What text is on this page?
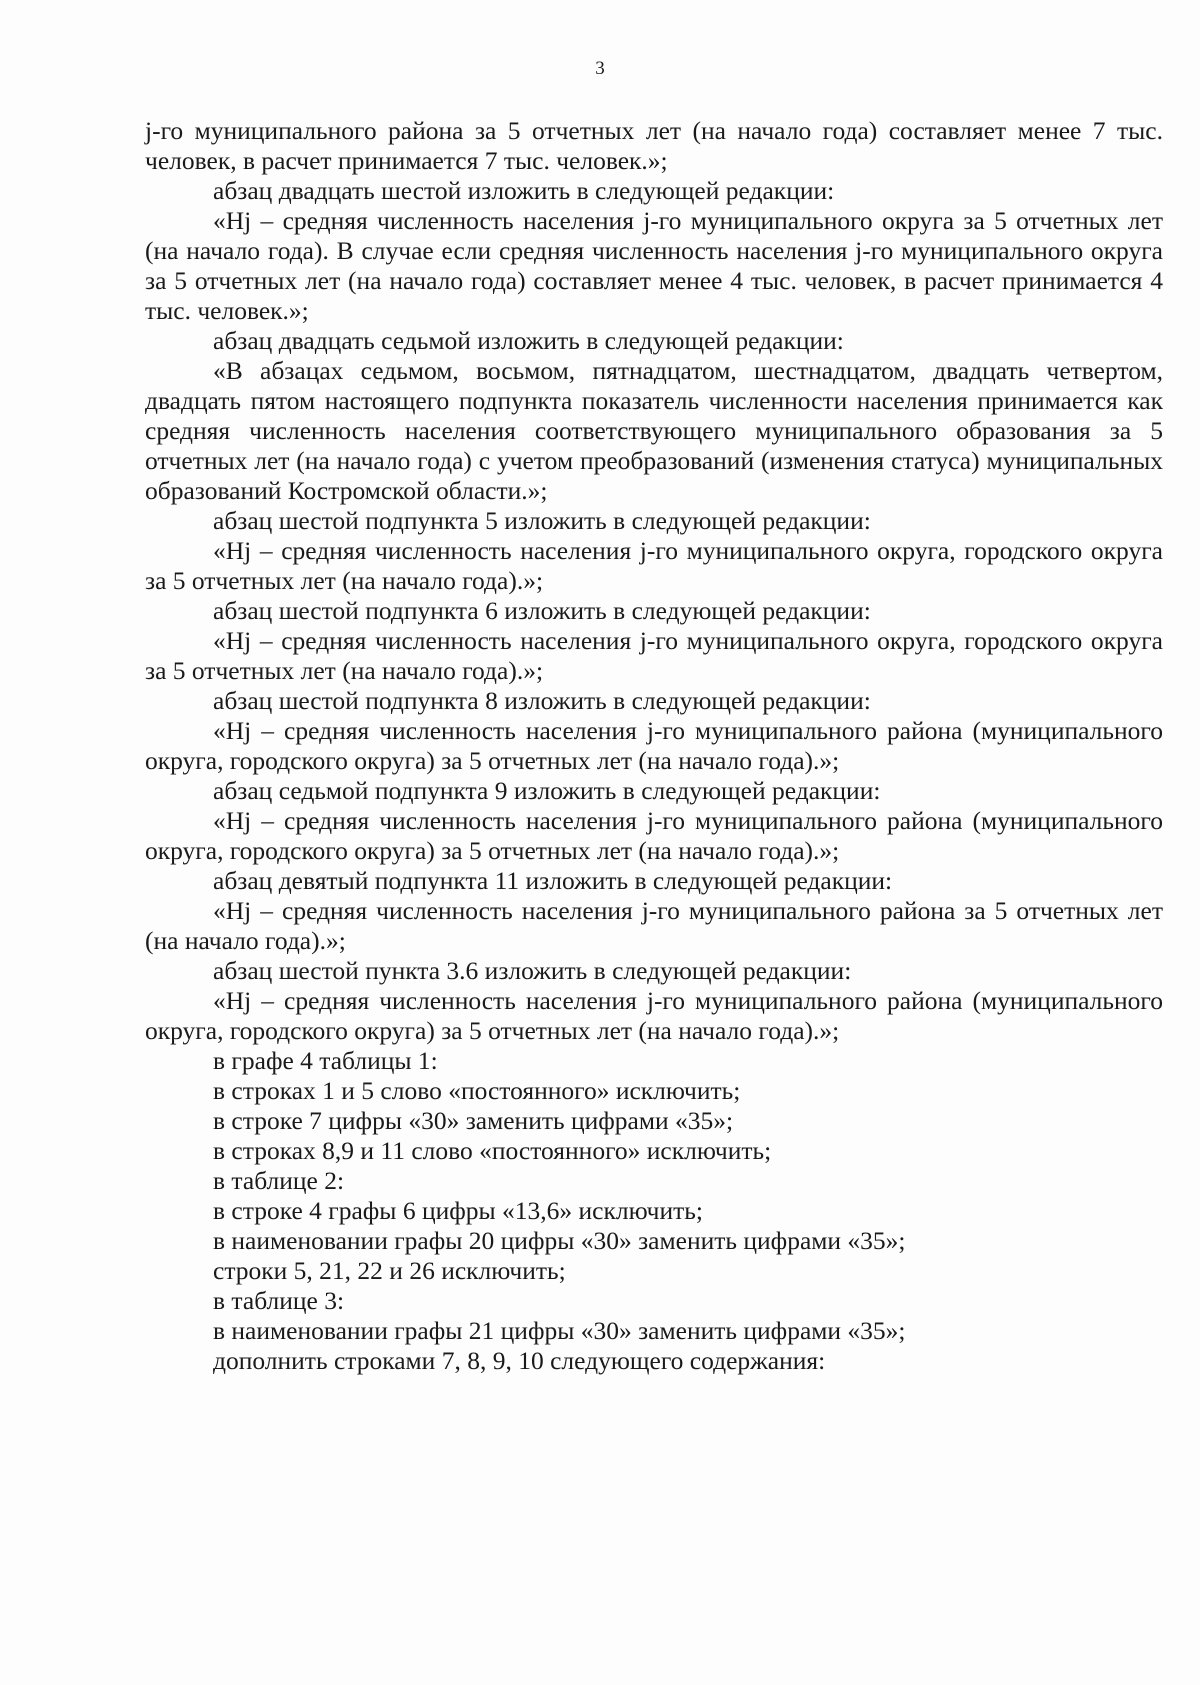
3

j-го муниципального района за 5 отчетных лет (на начало года) составляет менее 7 тыс. человек, в расчет принимается 7 тыс. человек.»;

абзац двадцать шестой изложить в следующей редакции:

«Hj – средняя численность населения j-го муниципального округа за 5 отчетных лет (на начало года). В случае если средняя численность населения j-го муниципального округа за 5 отчетных лет (на начало года) составляет менее 4 тыс. человек, в расчет принимается 4 тыс. человек.»;

абзац двадцать седьмой изложить в следующей редакции:

«В абзацах седьмом, восьмом, пятнадцатом, шестнадцатом, двадцать четвертом, двадцать пятом настоящего подпункта показатель численности населения принимается как средняя численность населения соответствующего муниципального образования за 5 отчетных лет (на начало года) с учетом преобразований (изменения статуса) муниципальных образований Костромской области.»;

абзац шестой подпункта 5 изложить в следующей редакции:

«Hj – средняя численность населения j-го муниципального округа, городского округа за 5 отчетных лет (на начало года).»;

абзац шестой подпункта 6 изложить в следующей редакции:

«Hj – средняя численность населения j-го муниципального округа, городского округа за 5 отчетных лет (на начало года).»;

абзац шестой подпункта 8 изложить в следующей редакции:

«Hj – средняя численность населения j-го муниципального района (муниципального округа, городского округа) за 5 отчетных лет (на начало года).»;

абзац седьмой подпункта 9 изложить в следующей редакции:

«Hj – средняя численность населения j-го муниципального района (муниципального округа, городского округа) за 5 отчетных лет (на начало года).»;

абзац девятый подпункта 11 изложить в следующей редакции:

«Hj – средняя численность населения j-го муниципального района за 5 отчетных лет (на начало года).»;

абзац шестой пункта 3.6 изложить в следующей редакции:

«Hj – средняя численность населения j-го муниципального района (муниципального округа, городского округа) за 5 отчетных лет (на начало года).»;

в графе 4 таблицы 1:

в строках 1 и 5 слово «постоянного» исключить;

в строке 7 цифры «30» заменить цифрами «35»;

в строках 8,9 и 11 слово «постоянного» исключить;

в таблице 2:

в строке 4 графы 6 цифры «13,6» исключить;

в наименовании графы 20 цифры «30» заменить цифрами «35»;

строки 5, 21, 22 и 26 исключить;

в таблице 3:

в наименовании графы 21 цифры «30» заменить цифрами «35»;

дополнить строками 7, 8, 9, 10 следующего содержания:
